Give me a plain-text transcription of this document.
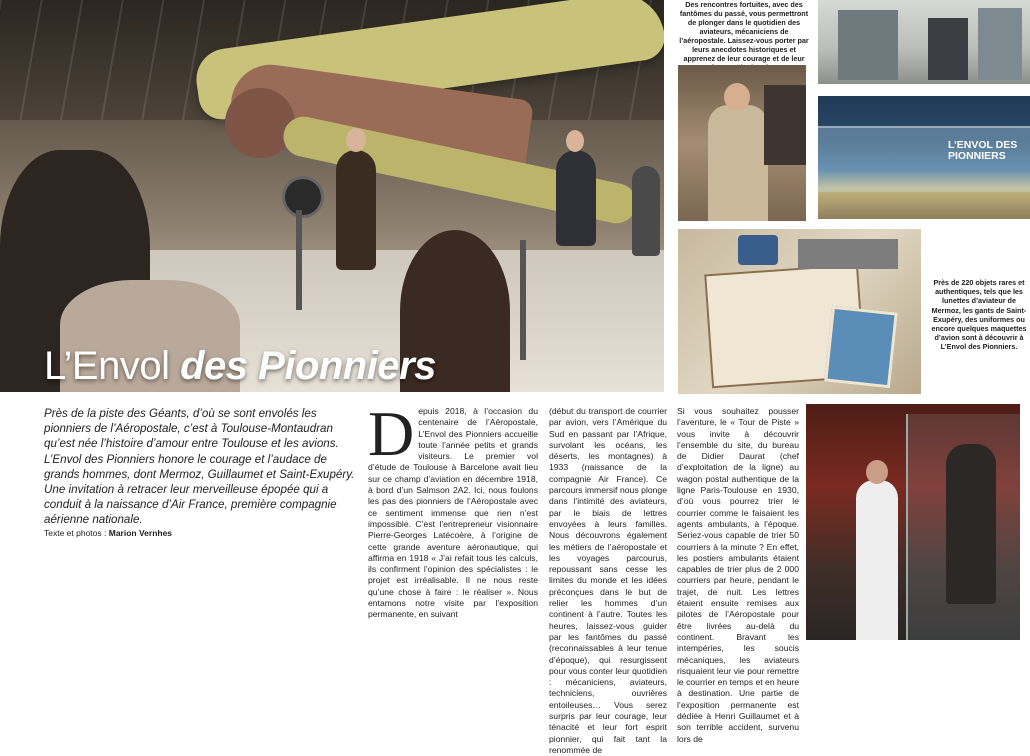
L’Envol des Pionniers

Des rencontres fortuites, avec des fantômes du passé, vous permettront de plonger dans le quotidien des aviateurs, mécaniciens de l’aéropostale. Laissez-vous porter par leurs anecdotes historiques et apprenez de leur courage et de leur

L’ENVOL DES PIONNIERS

Près de 220 objets rares et authentiques, tels que les lunettes d’aviateur de Mermoz, les gants de Saint-Exupéry, des uniformes ou encore quelques maquettes d’avion sont à découvrir à L’Envol des Pionniers.

Près de la piste des Géants, d’où se sont envolés les pionniers de l’Aéropostale, c’est à Toulouse-Montaudran qu’est née l’histoire d’amour entre Toulouse et les avions. L’Envol des Pionniers honore le courage et l’audace de grands hommes, dont Mermoz, Guillaumet et Saint-Exupéry. Une invitation à retracer leur merveilleuse épopée qui a conduit à la naissance d’Air France, première compagnie aérienne nationale.

Texte et photos : Marion Vernhes
Depuis 2018, à l’occasion du centenaire de l’Aéropostale, L’Envol des Pionniers accueille toute l’année petits et grands visiteurs. Le premier vol d’étude de Toulouse à Barcelone avait lieu sur ce champ d’aviation en décembre 1918, à bord d’un Salmson 2A2. Ici, nous foulons les pas des pionniers de l’Aéropostale avec ce sentiment immense que rien n’est impossible. C’est l’entrepreneur visionnaire Pierre-Georges Latécoère, à l’origine de cette grande aventure aéronautique, qui affirma en 1918 « J’ai refait tous les calculs, ils confirment l’opinion des spécialistes : le projet est irréalisable. Il ne nous reste qu’une chose à faire : le réaliser ». Nous entamons notre visite par l’exposition permanente, en suivant
(début du transport de courrier par avion, vers l’Amérique du Sud en passant par l’Afrique, survolant les océans, les déserts, les montagnes) à 1933 (naissance de la compagnie Air France). Ce parcours immersif nous plonge dans l’intimité des aviateurs, par le biais de lettres envoyées à leurs familles. Nous découvrons également les métiers de l’aéropostale et les voyages parcourus, repoussant sans cesse les limites du monde et les idées préconçues dans le but de relier les hommes d’un continent à l’autre. Toutes les heures, laissez-vous guider par les fantômes du passé (reconnaissables à leur tenue d’époque), qui resurgissent pour vous conter leur quotidien : mécaniciens, aviateurs, techniciens, ouvrières entoileuses… Vous serez surpris par leur courage, leur ténacité et leur fort esprit pionnier, qui fait tant la renommée de
Si vous souhaitez pousser l’aventure, le « Tour de Piste » vous invite à découvrir l’ensemble du site, du bureau de Didier Daurat (chef d’exploitation de la ligne) au wagon postal authentique de la ligne Paris-Toulouse en 1930, d’où vous pourrez trier le courrier comme le faisaient les agents ambulants, à l’époque. Seriez-vous capable de trier 50 courriers à la minute ? En effet, les postiers ambulants étaient capables de trier plus de 2 000 courriers par heure, pendant le trajet, de nuit. Les lettres étaient ensuite remises aux pilotes de l’Aéropostale pour être livrées au-delà du continent. Bravant les intempéries, les soucis mécaniques, les aviateurs risquaient leur vie pour remettre le courrier en temps et en heure à destination. Une partie de l’exposition permanente est dédiée à Henri Guillaumet et à son terrible accident, survenu lors de
